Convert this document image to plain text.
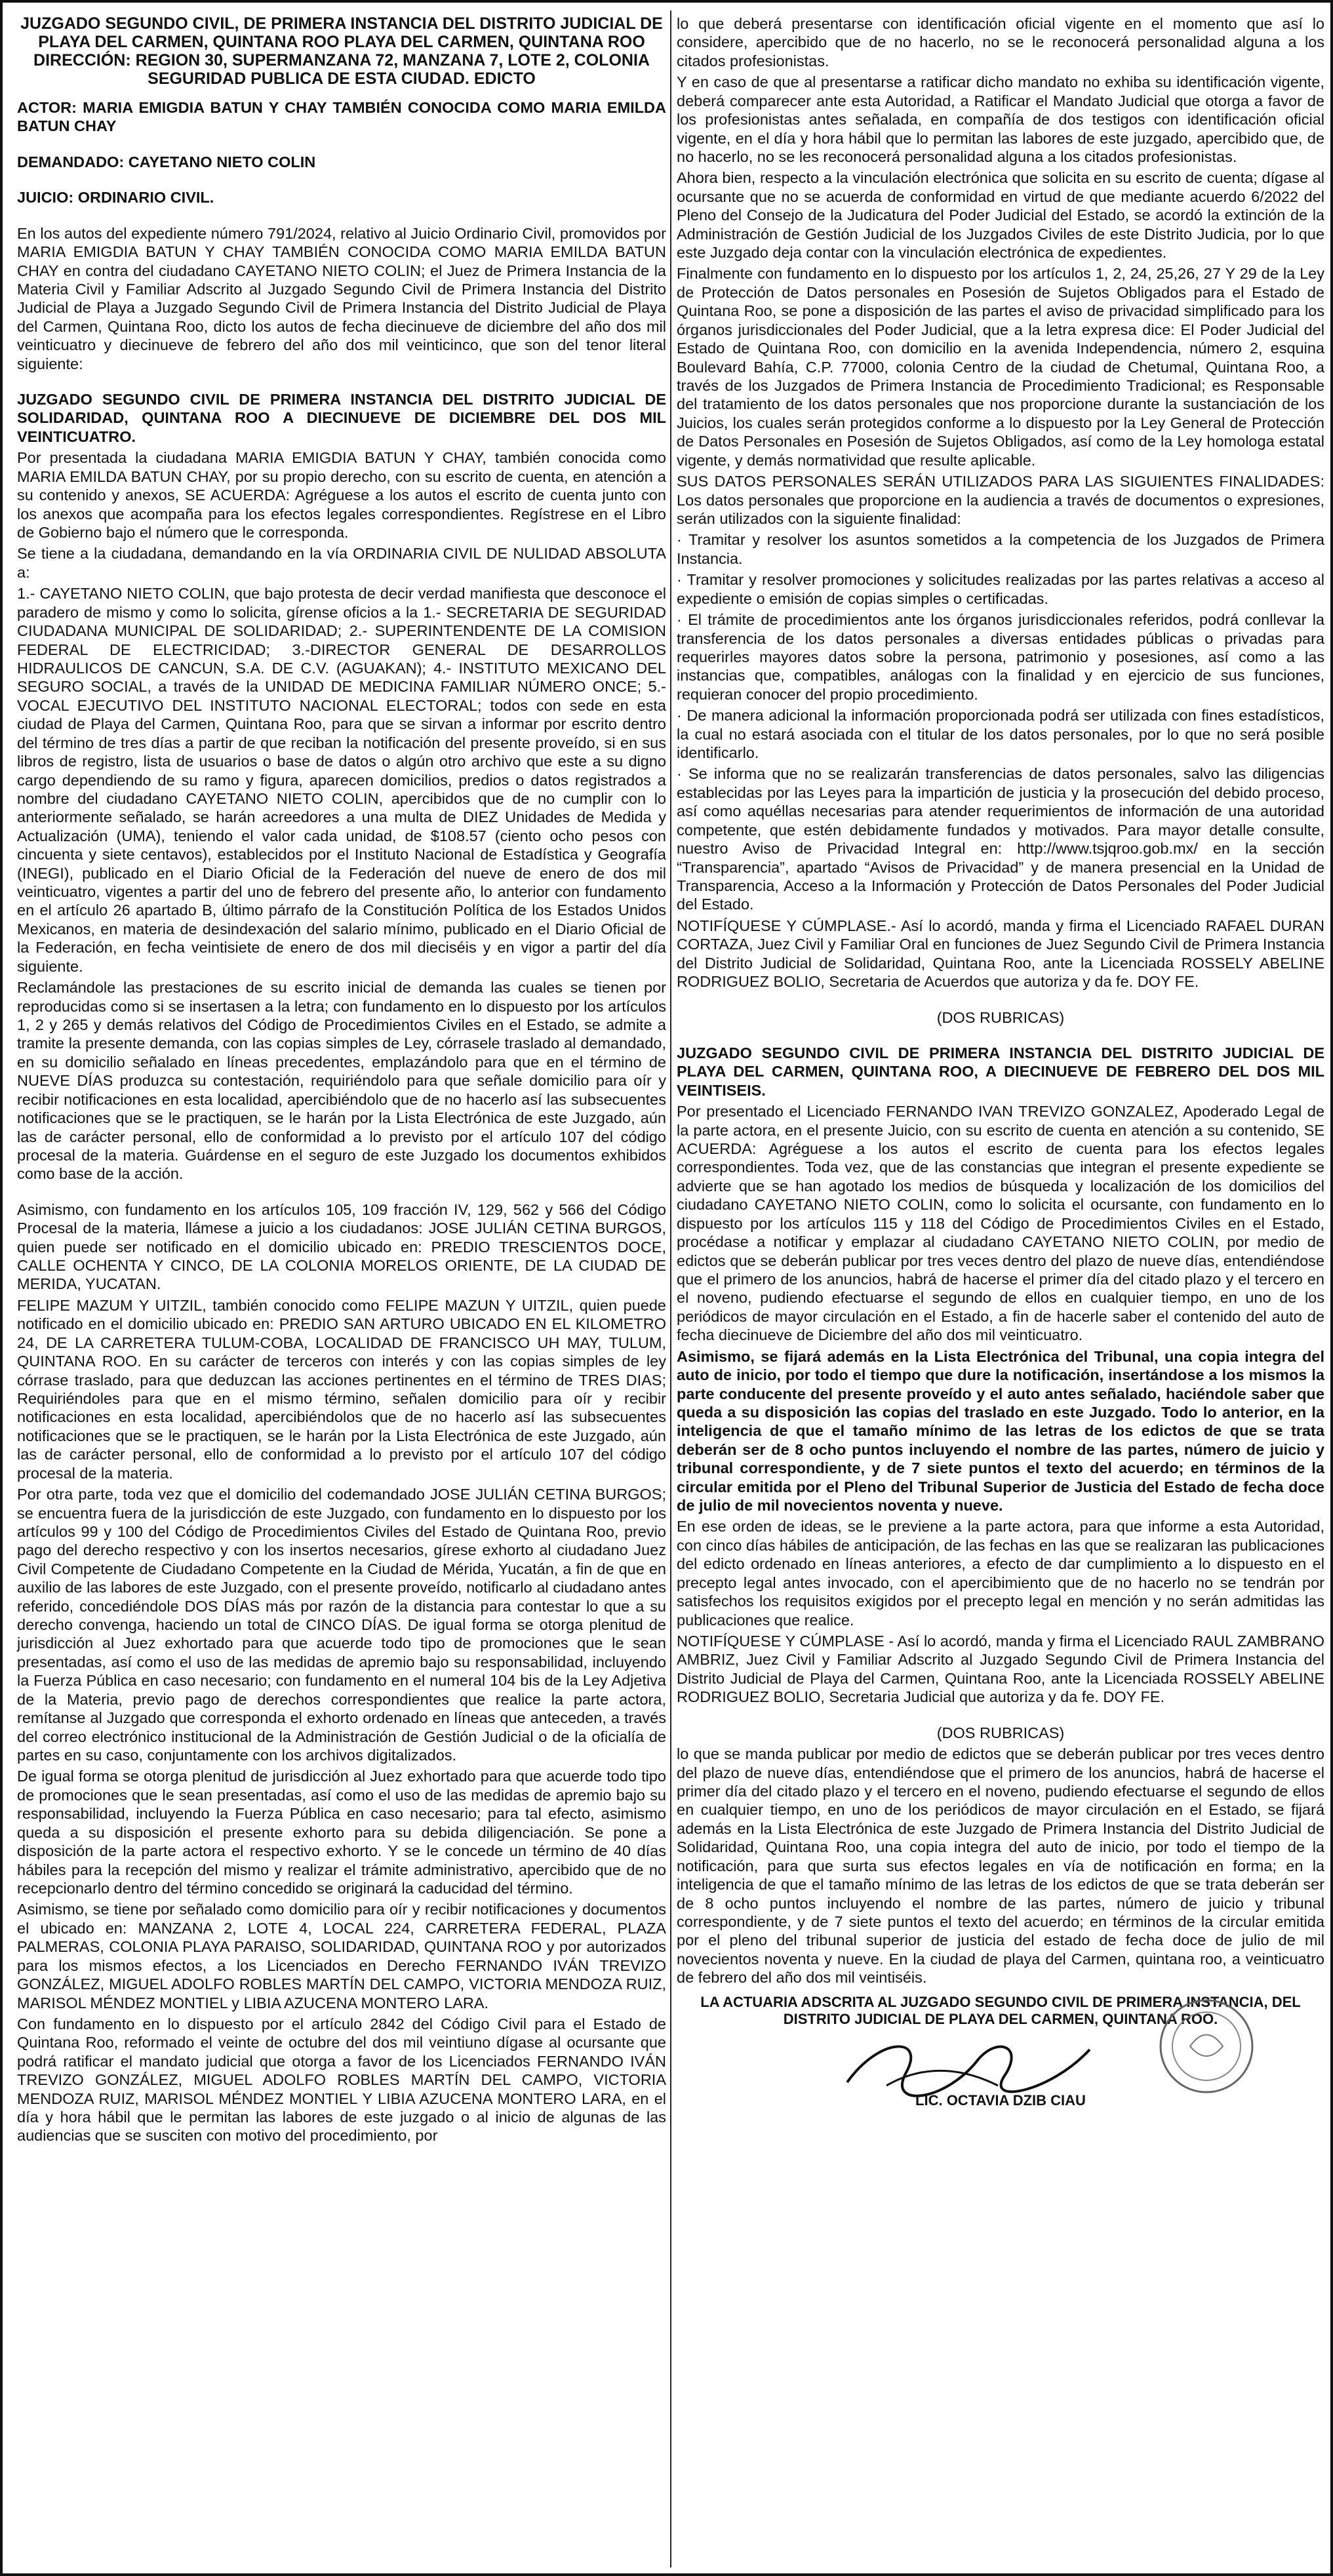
JUZGADO SEGUNDO CIVIL, DE PRIMERA INSTANCIA DEL DISTRITO JUDICIAL DE PLAYA DEL CARMEN, QUINTANA ROO PLAYA DEL CARMEN, QUINTANA ROO DIRECCIÓN: REGION 30, SUPERMANZANA 72, MANZANA 7, LOTE 2, COLONIA SEGURIDAD PUBLICA DE ESTA CIUDAD. EDICTO

ACTOR: MARIA EMIGDIA BATUN Y CHAY TAMBIÉN CONOCIDA COMO MARIA EMILDA BATUN CHAY

DEMANDADO: CAYETANO NIETO COLIN

JUICIO: ORDINARIO CIVIL.

En los autos del expediente número 791/2024, relativo al Juicio Ordinario Civil, promovidos por MARIA EMIGDIA BATUN Y CHAY TAMBIÉN CONOCIDA COMO MARIA EMILDA BATUN CHAY en contra del ciudadano CAYETANO NIETO COLIN; el Juez de Primera Instancia de la Materia Civil y Familiar Adscrito al Juzgado Segundo Civil de Primera Instancia del Distrito Judicial de Playa a Juzgado Segundo Civil de Primera Instancia del Distrito Judicial de Playa del Carmen, Quintana Roo, dicto los autos de fecha diecinueve de diciembre del año dos mil veinticuatro y diecinueve de febrero del año dos mil veinticinco, que son del tenor literal siguiente:

JUZGADO SEGUNDO CIVIL DE PRIMERA INSTANCIA DEL DISTRITO JUDICIAL DE SOLIDARIDAD, QUINTANA ROO A DIECINUEVE DE DICIEMBRE DEL DOS MIL VEINTICUATRO.

Por presentada la ciudadana MARIA EMIGDIA BATUN Y CHAY, también conocida como MARIA EMILDA BATUN CHAY, por su propio derecho, con su escrito de cuenta, en atención a su contenido y anexos, SE ACUERDA: Agréguese a los autos el escrito de cuenta junto con los anexos que acompaña para los efectos legales correspondientes. Regístrese en el Libro de Gobierno bajo el número que le corresponda.

Se tiene a la ciudadana, demandando en la vía ORDINARIA CIVIL DE NULIDAD ABSOLUTA a:

1.- CAYETANO NIETO COLIN, que bajo protesta de decir verdad manifiesta que desconoce el paradero de mismo y como lo solicita, gírense oficios a la 1.- SECRETARIA DE SEGURIDAD CIUDADANA MUNICIPAL DE SOLIDARIDAD; 2.- SUPERINTENDENTE DE LA COMISION FEDERAL DE ELECTRICIDAD; 3.-DIRECTOR GENERAL DE DESARROLLOS HIDRAULICOS DE CANCUN, S.A. DE C.V. (AGUAKAN); 4.- INSTITUTO MEXICANO DEL SEGURO SOCIAL, a través de la UNIDAD DE MEDICINA FAMILIAR NÚMERO ONCE; 5.- VOCAL EJECUTIVO DEL INSTITUTO NACIONAL ELECTORAL; todos con sede en esta ciudad de Playa del Carmen, Quintana Roo, para que se sirvan a informar por escrito dentro del término de tres días a partir de que reciban la notificación del presente proveído, si en sus libros de registro, lista de usuarios o base de datos o algún otro archivo que este a su digno cargo dependiendo de su ramo y figura, aparecen domicilios, predios o datos registrados a nombre del ciudadano CAYETANO NIETO COLIN, apercibidos que de no cumplir con lo anteriormente señalado, se harán acreedores a una multa de DIEZ Unidades de Medida y Actualización (UMA), teniendo el valor cada unidad, de $108.57 (ciento ocho pesos con cincuenta y siete centavos), establecidos por el Instituto Nacional de Estadística y Geografía (INEGI), publicado en el Diario Oficial de la Federación del nueve de enero de dos mil veinticuatro, vigentes a partir del uno de febrero del presente año, lo anterior con fundamento en el artículo 26 apartado B, último párrafo de la Constitución Política de los Estados Unidos Mexicanos, en materia de desindexación del salario mínimo, publicado en el Diario Oficial de la Federación, en fecha veintisiete de enero de dos mil dieciséis y en vigor a partir del día siguiente.

Reclamándole las prestaciones de su escrito inicial de demanda las cuales se tienen por reproducidas como si se insertasen a la letra; con fundamento en lo dispuesto por los artículos 1, 2 y 265 y demás relativos del Código de Procedimientos Civiles en el Estado, se admite a tramite la presente demanda, con las copias simples de Ley, córrasele traslado al demandado, en su domicilio señalado en líneas precedentes, emplazándolo para que en el término de NUEVE DÍAS produzca su contestación, requiriéndolo para que señale domicilio para oír y recibir notificaciones en esta localidad, apercibiéndolo que de no hacerlo así las subsecuentes notificaciones que se le practiquen, se le harán por la Lista Electrónica de este Juzgado, aún las de carácter personal, ello de conformidad a lo previsto por el artículo 107 del código procesal de la materia. Guárdense en el seguro de este Juzgado los documentos exhibidos como base de la acción.

Asimismo, con fundamento en los artículos 105, 109 fracción IV, 129, 562 y 566 del Código Procesal de la materia, llámese a juicio a los ciudadanos: JOSE JULIÁN CETINA BURGOS, quien puede ser notificado en el domicilio ubicado en: PREDIO TRESCIENTOS DOCE, CALLE OCHENTA Y CINCO, DE LA COLONIA MORELOS ORIENTE, DE LA CIUDAD DE MERIDA, YUCATAN.

FELIPE MAZUM Y UITZIL, también conocido como FELIPE MAZUN Y UITZIL, quien puede notificado en el domicilio ubicado en: PREDIO SAN ARTURO UBICADO EN EL KILOMETRO 24, DE LA CARRETERA TULUM-COBA, LOCALIDAD DE FRANCISCO UH MAY, TULUM, QUINTANA ROO. En su carácter de terceros con interés y con las copias simples de ley córrase traslado, para que deduzcan las acciones pertinentes en el término de TRES DIAS; Requiriéndoles para que en el mismo término, señalen domicilio para oír y recibir notificaciones en esta localidad, apercibiéndolos que de no hacerlo así las subsecuentes notificaciones que se le practiquen, se le harán por la Lista Electrónica de este Juzgado, aún las de carácter personal, ello de conformidad a lo previsto por el artículo 107 del código procesal de la materia.

Por otra parte, toda vez que el domicilio del codemandado JOSE JULIÁN CETINA BURGOS; se encuentra fuera de la jurisdicción de este Juzgado, con fundamento en lo dispuesto por los artículos 99 y 100 del Código de Procedimientos Civiles del Estado de Quintana Roo, previo pago del derecho respectivo y con los insertos necesarios, gírese exhorto al ciudadano Juez Civil Competente de Ciudadano Competente en la Ciudad de Mérida, Yucatán, a fin de que en auxilio de las labores de este Juzgado, con el presente proveído, notificarlo al ciudadano antes referido, concediéndole DOS DÍAS más por razón de la distancia para contestar lo que a su derecho convenga, haciendo un total de CINCO DÍAS. De igual forma se otorga plenitud de jurisdicción al Juez exhortado para que acuerde todo tipo de promociones que le sean presentadas, así como el uso de las medidas de apremio bajo su responsabilidad, incluyendo la Fuerza Pública en caso necesario; con fundamento en el numeral 104 bis de la Ley Adjetiva de la Materia, previo pago de derechos correspondientes que realice la parte actora, remítanse al Juzgado que corresponda el exhorto ordenado en líneas que anteceden, a través del correo electrónico institucional de la Administración de Gestión Judicial o de la oficialía de partes en su caso, conjuntamente con los archivos digitalizados.

De igual forma se otorga plenitud de jurisdicción al Juez exhortado para que acuerde todo tipo de promociones que le sean presentadas, así como el uso de las medidas de apremio bajo su responsabilidad, incluyendo la Fuerza Pública en caso necesario; para tal efecto, asimismo queda a su disposición el presente exhorto para su debida diligenciación. Se pone a disposición de la parte actora el respectivo exhorto. Y se le concede un término de 40 días hábiles para la recepción del mismo y realizar el trámite administrativo, apercibido que de no recepcionarlo dentro del término concedido se originará la caducidad del término.

Asimismo, se tiene por señalado como domicilio para oír y recibir notificaciones y documentos el ubicado en: MANZANA 2, LOTE 4, LOCAL 224, CARRETERA FEDERAL, PLAZA PALMERAS, COLONIA PLAYA PARAISO, SOLIDARIDAD, QUINTANA ROO y por autorizados para los mismos efectos, a los Licenciados en Derecho FERNANDO IVÁN TREVIZO GONZÁLEZ, MIGUEL ADOLFO ROBLES MARTÍN DEL CAMPO, VICTORIA MENDOZA RUIZ, MARISOL MÉNDEZ MONTIEL y LIBIA AZUCENA MONTERO LARA.

Con fundamento en lo dispuesto por el artículo 2842 del Código Civil para el Estado de Quintana Roo, reformado el veinte de octubre del dos mil veintiuno dígase al ocursante que podrá ratificar el mandato judicial que otorga a favor de los Licenciados FERNANDO IVÁN TREVIZO GONZÁLEZ, MIGUEL ADOLFO ROBLES MARTÍN DEL CAMPO, VICTORIA MENDOZA RUIZ, MARISOL MÉNDEZ MONTIEL Y LIBIA AZUCENA MONTERO LARA, en el día y hora hábil que le permitan las labores de este juzgado o al inicio de algunas de las audiencias que se susciten con motivo del procedimiento, por

lo que deberá presentarse con identificación oficial vigente en el momento que así lo considere, apercibido que de no hacerlo, no se le reconocerá personalidad alguna a los citados profesionistas.

Y en caso de que al presentarse a ratificar dicho mandato no exhiba su identificación vigente, deberá comparecer ante esta Autoridad, a Ratificar el Mandato Judicial que otorga a favor de los profesionistas antes señalada, en compañía de dos testigos con identificación oficial vigente, en el día y hora hábil que lo permitan las labores de este juzgado, apercibido que, de no hacerlo, no se les reconocerá personalidad alguna a los citados profesionistas.

Ahora bien, respecto a la vinculación electrónica que solicita en su escrito de cuenta; dígase al ocursante que no se acuerda de conformidad en virtud de que mediante acuerdo 6/2022 del Pleno del Consejo de la Judicatura del Poder Judicial del Estado, se acordó la extinción de la Administración de Gestión Judicial de los Juzgados Civiles de este Distrito Judicia, por lo que este Juzgado deja contar con la vinculación electrónica de expedientes.

Finalmente con fundamento en lo dispuesto por los artículos 1, 2, 24, 25,26, 27 Y 29 de la Ley de Protección de Datos personales en Posesión de Sujetos Obligados para el Estado de Quintana Roo, se pone a disposición de las partes el aviso de privacidad simplificado para los órganos jurisdiccionales del Poder Judicial, que a la letra expresa dice: El Poder Judicial del Estado de Quintana Roo, con domicilio en la avenida Independencia, número 2, esquina Boulevard Bahía, C.P. 77000, colonia Centro de la ciudad de Chetumal, Quintana Roo, a través de los Juzgados de Primera Instancia de Procedimiento Tradicional; es Responsable del tratamiento de los datos personales que nos proporcione durante la sustanciación de los Juicios, los cuales serán protegidos conforme a lo dispuesto por la Ley General de Protección de Datos Personales en Posesión de Sujetos Obligados, así como de la Ley homologa estatal vigente, y demás normatividad que resulte aplicable.

SUS DATOS PERSONALES SERÁN UTILIZADOS PARA LAS SIGUIENTES FINALIDADES: Los datos personales que proporcione en la audiencia a través de documentos o expresiones, serán utilizados con la siguiente finalidad:

· Tramitar y resolver los asuntos sometidos a la competencia de los Juzgados de Primera Instancia.

· Tramitar y resolver promociones y solicitudes realizadas por las partes relativas a acceso al expediente o emisión de copias simples o certificadas.

· El trámite de procedimientos ante los órganos jurisdiccionales referidos, podrá conllevar la transferencia de los datos personales a diversas entidades públicas o privadas para requerirles mayores datos sobre la persona, patrimonio y posesiones, así como a las instancias que, compatibles, análogas con la finalidad y en ejercicio de sus funciones, requieran conocer del propio procedimiento.

· De manera adicional la información proporcionada podrá ser utilizada con fines estadísticos, la cual no estará asociada con el titular de los datos personales, por lo que no será posible identificarlo.

· Se informa que no se realizarán transferencias de datos personales, salvo las diligencias establecidas por las Leyes para la impartición de justicia y la prosecución del debido proceso, así como aquéllas necesarias para atender requerimientos de información de una autoridad competente, que estén debidamente fundados y motivados. Para mayor detalle consulte, nuestro Aviso de Privacidad Integral en: http://www.tsjqroo.gob.mx/ en la sección “Transparencia”, apartado “Avisos de Privacidad” y de manera presencial en la Unidad de Transparencia, Acceso a la Información y Protección de Datos Personales del Poder Judicial del Estado.

NOTIFÍQUESE Y CÚMPLASE.- Así lo acordó, manda y firma el Licenciado RAFAEL DURAN CORTAZA, Juez Civil y Familiar Oral en funciones de Juez Segundo Civil de Primera Instancia del Distrito Judicial de Solidaridad, Quintana Roo, ante la Licenciada ROSSELY ABELINE RODRIGUEZ BOLIO, Secretaria de Acuerdos que autoriza y da fe. DOY FE.

(DOS RUBRICAS)

JUZGADO SEGUNDO CIVIL DE PRIMERA INSTANCIA DEL DISTRITO JUDICIAL DE PLAYA DEL CARMEN, QUINTANA ROO, A DIECINUEVE DE FEBRERO DEL DOS MIL VEINTISEIS.

Por presentado el Licenciado FERNANDO IVAN TREVIZO GONZALEZ, Apoderado Legal de la parte actora, en el presente Juicio, con su escrito de cuenta en atención a su contenido, SE ACUERDA: Agréguese a los autos el escrito de cuenta para los efectos legales correspondientes. Toda vez, que de las constancias que integran el presente expediente se advierte que se han agotado los medios de búsqueda y localización de los domicilios del ciudadano CAYETANO NIETO COLIN, como lo solicita el ocursante, con fundamento en lo dispuesto por los artículos 115 y 118 del Código de Procedimientos Civiles en el Estado, procédase a notificar y emplazar al ciudadano CAYETANO NIETO COLIN, por medio de edictos que se deberán publicar por tres veces dentro del plazo de nueve días, entendiéndose que el primero de los anuncios, habrá de hacerse el primer día del citado plazo y el tercero en el noveno, pudiendo efectuarse el segundo de ellos en cualquier tiempo, en uno de los periódicos de mayor circulación en el Estado, a fin de hacerle saber el contenido del auto de fecha diecinueve de Diciembre del año dos mil veinticuatro.

Asimismo, se fijará además en la Lista Electrónica del Tribunal, una copia integra del auto de inicio, por todo el tiempo que dure la notificación, insertándose a los mismos la parte conducente del presente proveído y el auto antes señalado, haciéndole saber que queda a su disposición las copias del traslado en este Juzgado. Todo lo anterior, en la inteligencia de que el tamaño mínimo de las letras de los edictos de que se trata deberán ser de 8 ocho puntos incluyendo el nombre de las partes, número de juicio y tribunal correspondiente, y de 7 siete puntos el texto del acuerdo; en términos de la circular emitida por el Pleno del Tribunal Superior de Justicia del Estado de fecha doce de julio de mil novecientos noventa y nueve.

En ese orden de ideas, se le previene a la parte actora, para que informe a esta Autoridad, con cinco días hábiles de anticipación, de las fechas en las que se realizaran las publicaciones del edicto ordenado en líneas anteriores, a efecto de dar cumplimiento a lo dispuesto en el precepto legal antes invocado, con el apercibimiento que de no hacerlo no se tendrán por satisfechos los requisitos exigidos por el precepto legal en mención y no serán admitidas las publicaciones que realice.

NOTIFÍQUESE Y CÚMPLASE - Así lo acordó, manda y firma el Licenciado RAUL ZAMBRANO AMBRIZ, Juez Civil y Familiar Adscrito al Juzgado Segundo Civil de Primera Instancia del Distrito Judicial de Playa del Carmen, Quintana Roo, ante la Licenciada ROSSELY ABELINE RODRIGUEZ BOLIO, Secretaria Judicial que autoriza y da fe. DOY FE.

(DOS RUBRICAS)

lo que se manda publicar por medio de edictos que se deberán publicar por tres veces dentro del plazo de nueve días, entendiéndose que el primero de los anuncios, habrá de hacerse el primer día del citado plazo y el tercero en el noveno, pudiendo efectuarse el segundo de ellos en cualquier tiempo, en uno de los periódicos de mayor circulación en el Estado, se fijará además en la Lista Electrónica de este Juzgado de Primera Instancia del Distrito Judicial de Solidaridad, Quintana Roo, una copia integra del auto de inicio, por todo el tiempo de la notificación, para que surta sus efectos legales en vía de notificación en forma; en la inteligencia de que el tamaño mínimo de las letras de los edictos de que se trata deberán ser de 8 ocho puntos incluyendo el nombre de las partes, número de juicio y tribunal correspondiente, y de 7 siete puntos el texto del acuerdo; en términos de la circular emitida por el pleno del tribunal superior de justicia del estado de fecha doce de julio de mil novecientos noventa y nueve. En la ciudad de playa del Carmen, quintana roo, a veinticuatro de febrero del año dos mil veintiséis.

LA ACTUARIA ADSCRITA AL JUZGADO SEGUNDO CIVIL DE PRIMERA INSTANCIA, DEL DISTRITO JUDICIAL DE PLAYA DEL CARMEN, QUINTANA ROO.
LIC. OCTAVIA DZIB CIAU
